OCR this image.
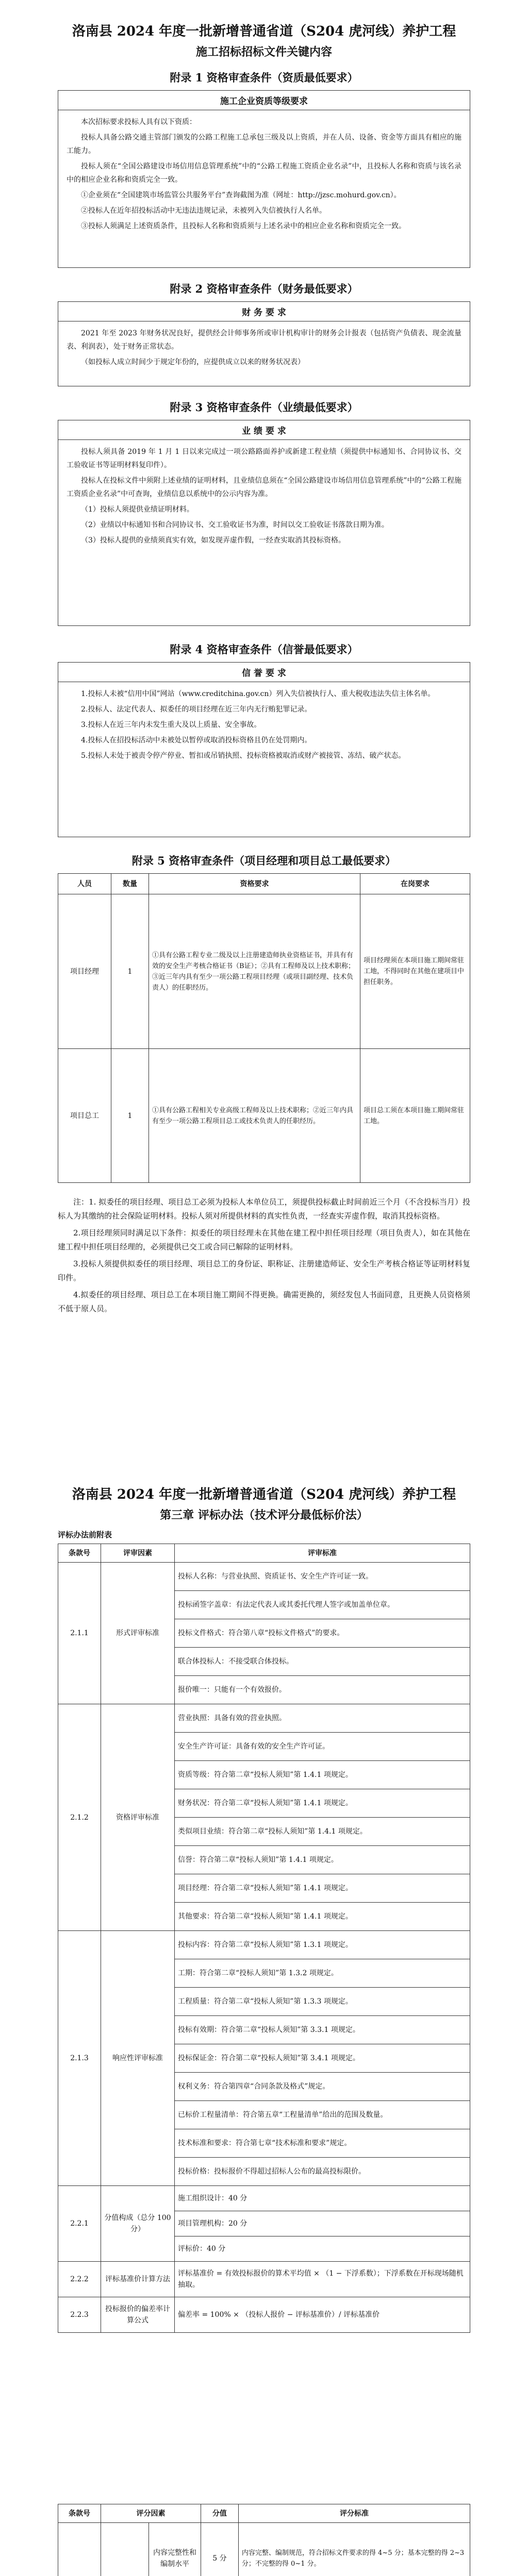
洛南县 2024 年度一批新增普通省道（S204 虎河线）养护工程
施工招标招标文件关键内容
附录 1 资格审查条件（资质最低要求）
施工企业资质等级要求

本次招标要求投标人具有以下资质：

投标人具备公路交通主管部门颁发的公路工程施工总承包三级及以上资质，并在人员、设备、资金等方面具有相应的施工能力。

投标人须在“全国公路建设市场信用信息管理系统”中的“公路工程施工资质企业名录”中，且投标人名称和资质与该名录中的相应企业名称和资质完全一致。

①企业须在“全国建筑市场监管公共服务平台”查询截图为准（网址：http://jzsc.mohurd.gov.cn）。

②投标人在近年招投标活动中无违法违规记录，未被列入失信被执行人名单。

③投标人须满足上述资质条件，且投标人名称和资质须与上述名录中的相应企业名称和资质完全一致。

附录 2 资格审查条件（财务最低要求）
财 务 要 求

2021 年至 2023 年财务状况良好，提供经会计师事务所或审计机构审计的财务会计报表（包括资产负债表、现金流量表、利润表），处于财务正常状态。

（如投标人成立时间少于规定年份的，应提供成立以来的财务状况表）

附录 3 资格审查条件（业绩最低要求）
业 绩 要 求

投标人须具备 2019 年 1 月 1 日以来完成过一项公路路面养护或新建工程业绩（须提供中标通知书、合同协议书、交工验收证书等证明材料复印件）。

投标人在投标文件中须附上述业绩的证明材料，且业绩信息须在“全国公路建设市场信用信息管理系统”中的“公路工程施工资质企业名录”中可查询，业绩信息以系统中的公示内容为准。

（1）投标人须提供业绩证明材料。

（2）业绩以中标通知书和合同协议书、交工验收证书为准，时间以交工验收证书落款日期为准。

（3）投标人提供的业绩须真实有效，如发现弄虚作假，一经查实取消其投标资格。

附录 4 资格审查条件（信誉最低要求）
信 誉 要 求

1.投标人未被“信用中国”网站（www.creditchina.gov.cn）列入失信被执行人、重大税收违法失信主体名单。

2.投标人、法定代表人、拟委任的项目经理在近三年内无行贿犯罪记录。

3.投标人在近三年内未发生重大及以上质量、安全事故。

4.投标人在招投标活动中未被处以暂停或取消投标资格且仍在处罚期内。

5.投标人未处于被责令停产停业、暂扣或吊销执照、投标资格被取消或财产被接管、冻结、破产状态。

附录 5 资格审查条件（项目经理和项目总工最低要求）
人员	数量	资格要求	在岗要求
项目经理	1	①具有公路工程专业二级及以上注册建造师执业资格证书，并具有有效的安全生产考核合格证书（B证）；②具有工程师及以上技术职称；③近三年内具有至少一项公路工程项目经理（或项目副经理、技术负责人）的任职经历。	项目经理须在本项目施工期间常驻工地，不得同时在其他在建项目中担任职务。
项目总工	1	①具有公路工程相关专业高级工程师及以上技术职称；②近三年内具有至少一项公路工程项目总工或技术负责人的任职经历。	项目总工须在本项目施工期间常驻工地。

注：1. 拟委任的项目经理、项目总工必须为投标人本单位员工，须提供投标截止时间前近三个月（不含投标当月）投标人为其缴纳的社会保险证明材料。投标人须对所提供材料的真实性负责，一经查实弄虚作假，取消其投标资格。

2.项目经理须同时满足以下条件：拟委任的项目经理未在其他在建工程中担任项目经理（项目负责人），如在其他在建工程中担任项目经理的，必须提供已交工或合同已解除的证明材料。

3.投标人须提供拟委任的项目经理、项目总工的身份证、职称证、注册建造师证、安全生产考核合格证等证明材料复印件。

4.拟委任的项目经理、项目总工在本项目施工期间不得更换。确需更换的，须经发包人书面同意，且更换人员资格须不低于原人员。

洛南县 2024 年度一批新增普通省道（S204 虎河线）养护工程
第三章 评标办法（技术评分最低标价法）
评标办法前附表
条款号	评审因素	评审标准
2.1.1	形式评审标准	投标人名称：与营业执照、资质证书、安全生产许可证一致。
		投标函签字盖章：有法定代表人或其委托代理人签字或加盖单位章。
		投标文件格式：符合第八章“投标文件格式”的要求。
		联合体投标人：不接受联合体投标。
		报价唯一：只能有一个有效报价。
2.1.2	资格评审标准	营业执照：具备有效的营业执照。
		安全生产许可证：具备有效的安全生产许可证。
		资质等级：符合第二章“投标人须知”第 1.4.1 项规定。
		财务状况：符合第二章“投标人须知”第 1.4.1 项规定。
		类似项目业绩：符合第二章“投标人须知”第 1.4.1 项规定。
		信誉：符合第二章“投标人须知”第 1.4.1 项规定。
		项目经理：符合第二章“投标人须知”第 1.4.1 项规定。
		其他要求：符合第二章“投标人须知”第 1.4.1 项规定。
2.1.3	响应性评审标准	投标内容：符合第二章“投标人须知”第 1.3.1 项规定。
		工期：符合第二章“投标人须知”第 1.3.2 项规定。
		工程质量：符合第二章“投标人须知”第 1.3.3 项规定。
		投标有效期：符合第二章“投标人须知”第 3.3.1 项规定。
		投标保证金：符合第二章“投标人须知”第 3.4.1 项规定。
		权利义务：符合第四章“合同条款及格式”规定。
		已标价工程量清单：符合第五章“工程量清单”给出的范围及数量。
		技术标准和要求：符合第七章“技术标准和要求”规定。
		投标价格：投标报价不得超过招标人公布的最高投标限价。
2.2.1	分值构成（总分 100 分）	施工组织设计：40 分
		项目管理机构：20 分
		评标价：40 分
2.2.2	评标基准价计算方法	评标基准价 = 有效投标报价的算术平均值 × （1 − 下浮系数）；下浮系数在开标现场随机抽取。
2.2.3	投标报价的偏差率计算公式	偏差率 = 100% × （投标人报价 − 评标基准价）/ 评标基准价
条款号	评分因素		分值	评分标准
		内容完整性和编制水平	5 分	内容完整、编制规范，符合招标文件要求的得 4~5 分；基本完整的得 2~3 分；不完整的得 0~1 分。
